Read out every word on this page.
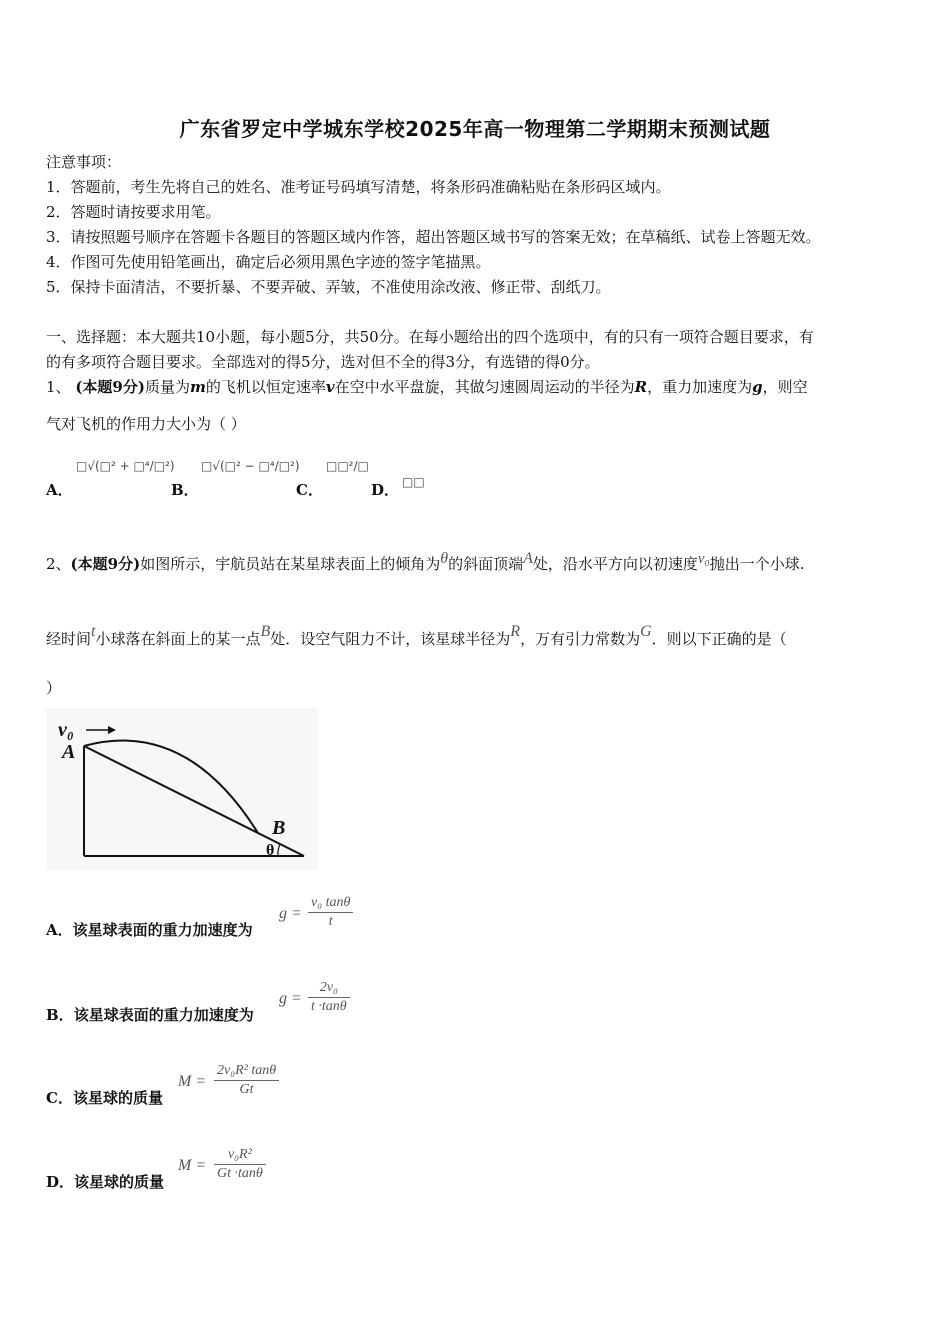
广东省罗定中学城东学校2025年高一物理第二学期期末预测试题
注意事项：
1．答题前，考生先将自己的姓名、准考证号码填写清楚，将条形码准确粘贴在条形码区域内。
2．答题时请按要求用笔。
3．请按照题号顺序在答题卡各题目的答题区域内作答，超出答题区域书写的答案无效；在草稿纸、试卷上答题无效。
4．作图可先使用铅笔画出，确定后必须用黑色字迹的签字笔描黑。
5．保持卡面清洁，不要折暴、不要弄破、弄皱，不准使用涂改液、修正带、刮纸刀。
一、选择题：本大题共10小题，每小题5分，共50分。在每小题给出的四个选项中，有的只有一项符合题目要求，有
的有多项符合题目要求。全部选对的得5分，选对但不全的得3分，有选错的得0分。
1、 (本题9分)质量为m的飞机以恒定速率v在空中水平盘旋，其做匀速圆周运动的半径为R，重力加速度为g，则空
气对飞机的作用力大小为（ ）
A．
□√(□² + □⁴/□²)
B．
□√(□² − □⁴/□²)
C．
□□²/□
D． □□
2、(本题9分)如图所示，宇航员站在某星球表面上的倾角为θ的斜面顶端A处，沿水平方向以初速度v₀抛出一个小球.
经时间t小球落在斜面上的某一点B处．设空气阻力不计，该星球半径为R，万有引力常数为G．则以下正确的是（
）
v₀
A
B
θ
A．该星球表面的重力加速度为
$g = \frac{\text{v₀ tanθ}}{t}$
B．该星球表面的重力加速度为
$g = \frac{\text{2v₀}}{t \cdot\tan\theta}$
C．该星球的质量
$M = \frac{\text{2v₀R² tanθ}}{Gt}$
D．该星球的质量
$M = \frac{\text{v₀R²}}{Gt \cdot\tan\theta}$
